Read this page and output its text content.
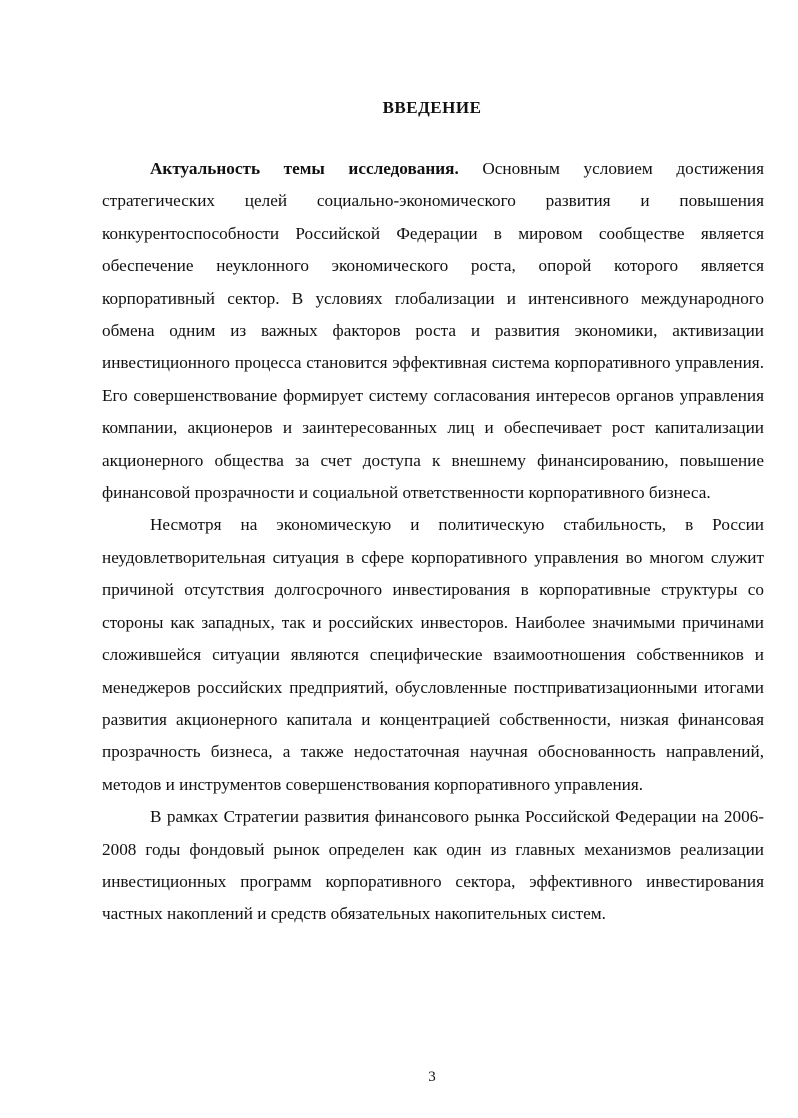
ВВЕДЕНИЕ

Актуальность темы исследования. Основным условием достижения стратегических целей социально-экономического развития и повышения конкурентоспособности Российской Федерации в мировом сообществе является обеспечение неуклонного экономического роста, опорой которого является корпоративный сектор. В условиях глобализации и интенсивного международного обмена одним из важных факторов роста и развития экономики, активизации инвестиционного процесса становится эффективная система корпоративного управления. Его совершенствование формирует систему согласования интересов органов управления компании, акционеров и заинтересованных лиц и обеспечивает рост капитализации акционерного общества за счет доступа к внешнему финансированию, повышение финансовой прозрачности и социальной ответственности корпоративного бизнеса.

Несмотря на экономическую и политическую стабильность, в России неудовлетворительная ситуация в сфере корпоративного управления во многом служит причиной отсутствия долгосрочного инвестирования в корпоративные структуры со стороны как западных, так и российских инвесторов. Наиболее значимыми причинами сложившейся ситуации являются специфические взаимоотношения собственников и менеджеров российских предприятий, обусловленные постприватизационными итогами развития акционерного капитала и концентрацией собственности, низкая финансовая прозрачность бизнеса, а также недостаточная научная обоснованность направлений, методов и инструментов совершенствования корпоративного управления.

В рамках Стратегии развития финансового рынка Российской Федерации на 2006-2008 годы фондовый рынок определен как один из главных механизмов реализации инвестиционных программ корпоративного сектора, эффективного инвестирования частных накоплений и средств обязательных накопительных систем.

3
